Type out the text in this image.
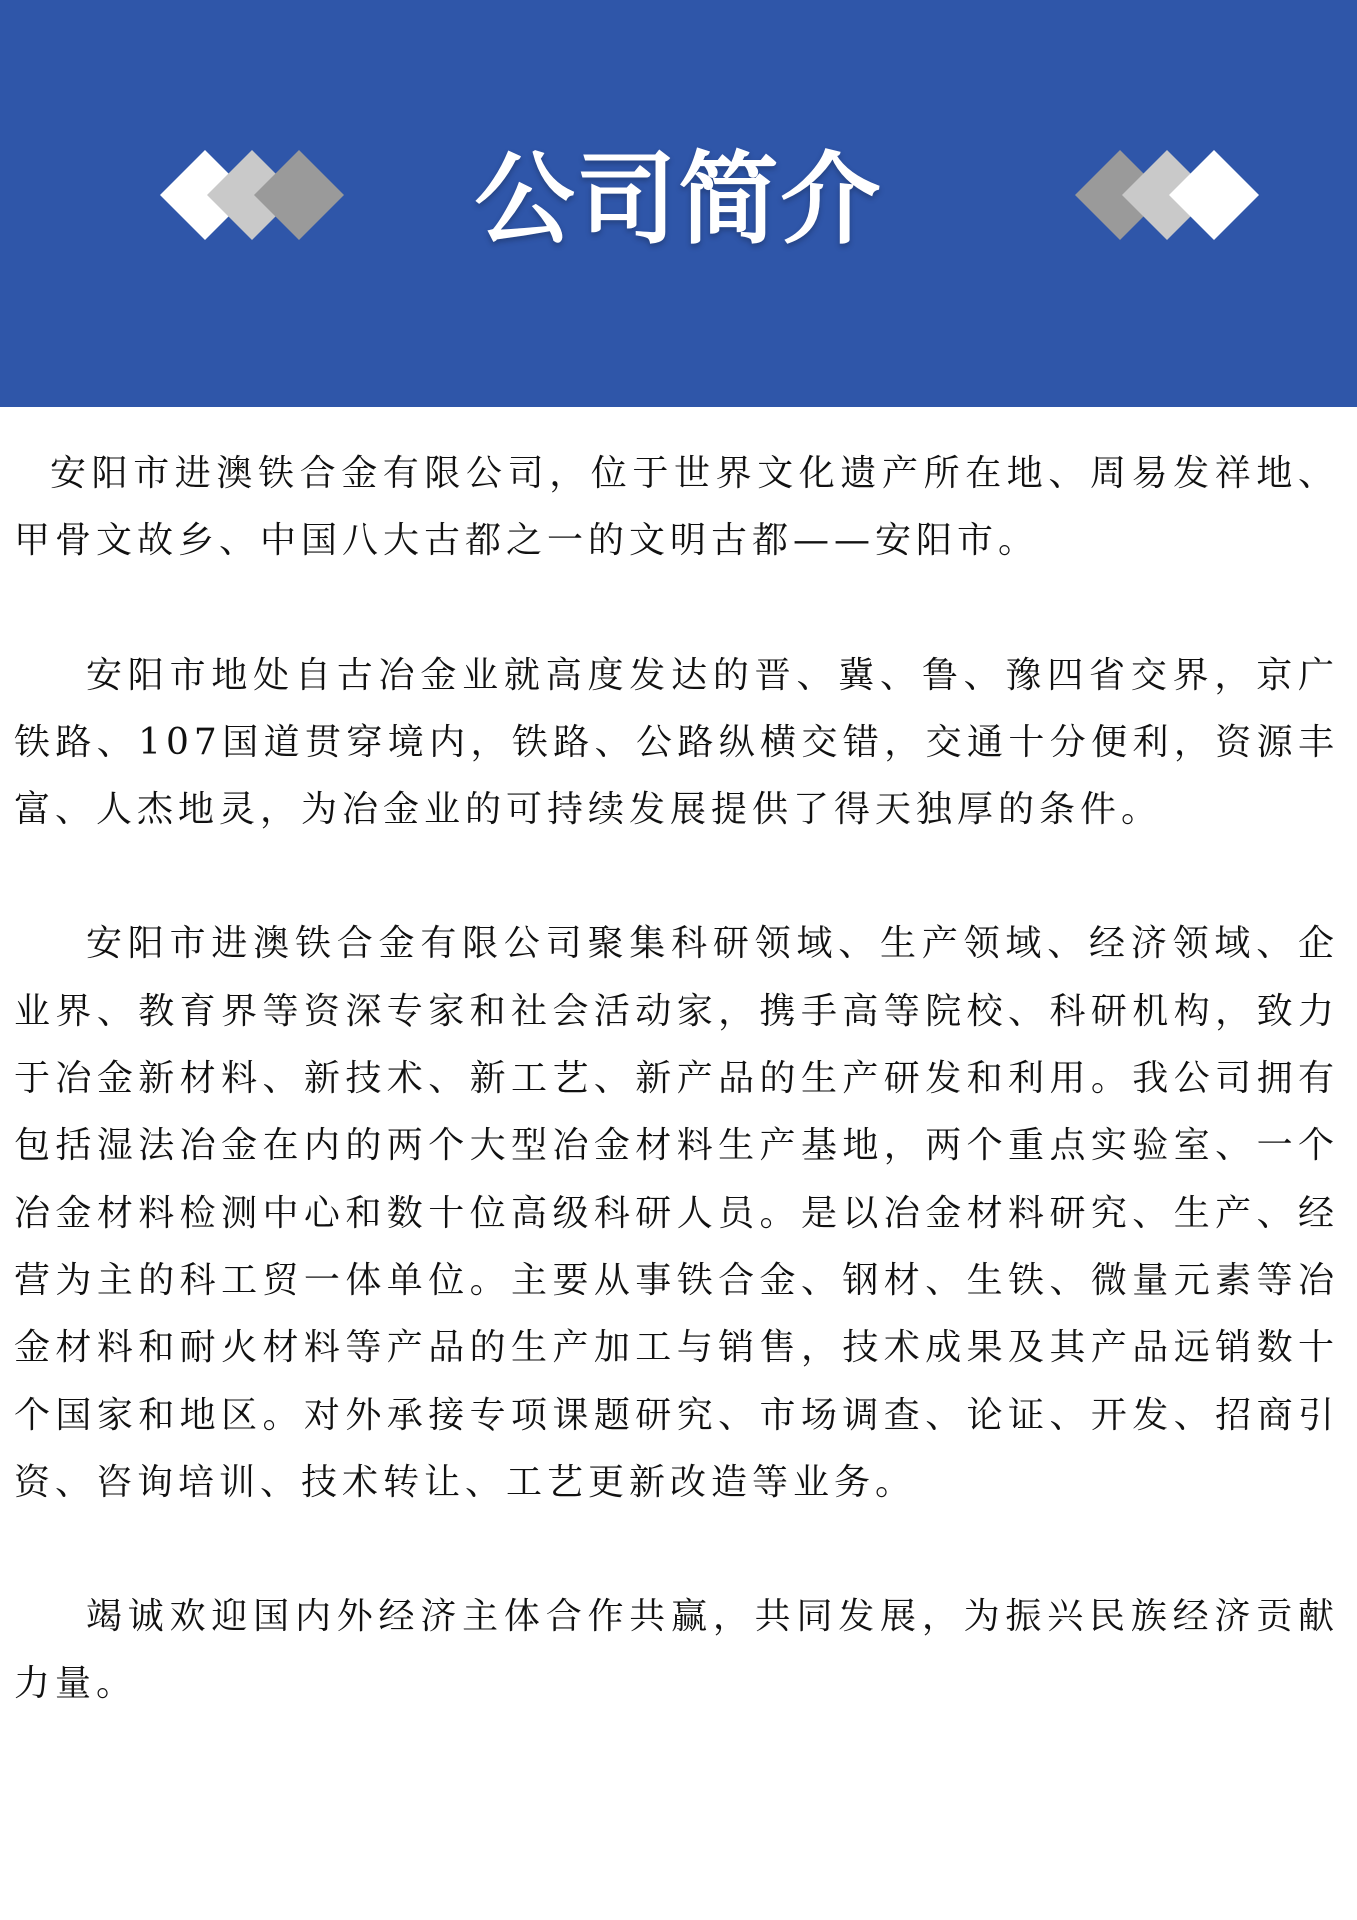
公司简介

安阳市进澳铁合金有限公司，位于世界文化遗产所在地、周易发祥地、甲骨文故乡、中国八大古都之一的文明古都——安阳市。

安阳市地处自古冶金业就高度发达的晋、冀、鲁、豫四省交界，京广铁路、107国道贯穿境内，铁路、公路纵横交错，交通十分便利，资源丰富、人杰地灵，为冶金业的可持续发展提供了得天独厚的条件。

安阳市进澳铁合金有限公司聚集科研领域、生产领域、经济领域、企业界、教育界等资深专家和社会活动家，携手高等院校、科研机构，致力于冶金新材料、新技术、新工艺、新产品的生产研发和利用。我公司拥有包括湿法冶金在内的两个大型冶金材料生产基地，两个重点实验室、一个冶金材料检测中心和数十位高级科研人员。是以冶金材料研究、生产、经营为主的科工贸一体单位。主要从事铁合金、钢材、生铁、微量元素等冶金材料和耐火材料等产品的生产加工与销售，技术成果及其产品远销数十个国家和地区。对外承接专项课题研究、市场调查、论证、开发、招商引资、咨询培训、技术转让、工艺更新改造等业务。

竭诚欢迎国内外经济主体合作共赢，共同发展，为振兴民族经济贡献力量。
